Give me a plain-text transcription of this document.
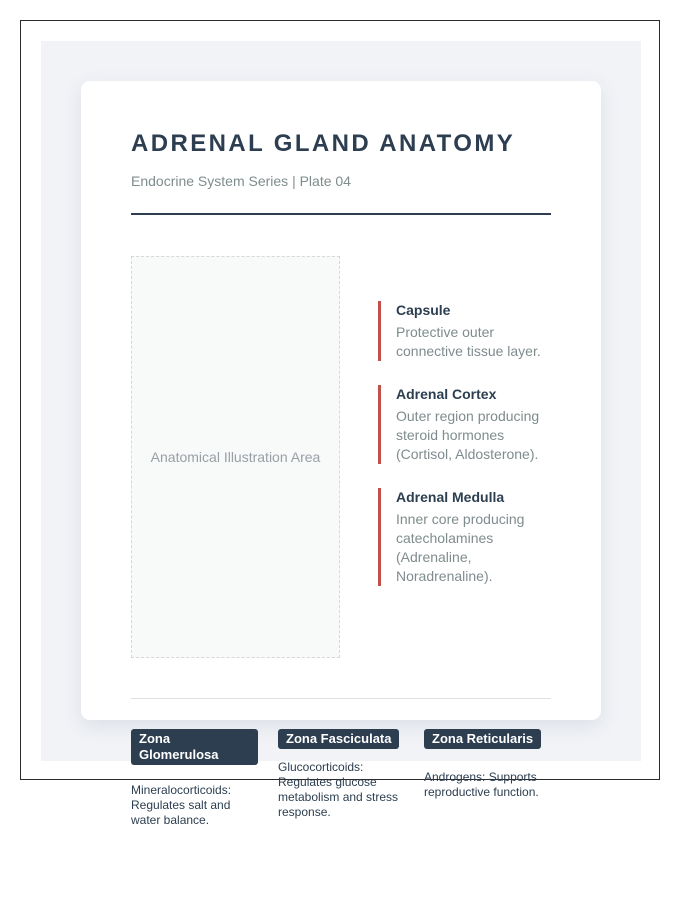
ADRENAL GLAND ANATOMY
Endocrine System Series | Plate 04
Anatomical Illustration Area
Capsule
Protective outer connective tissue layer.
Adrenal Cortex
Outer region producing steroid hormones (Cortisol, Aldosterone).
Adrenal Medulla
Inner core producing catecholamines (Adrenaline, Noradrenaline).
Zona Glomerulosa
Mineralocorticoids: Regulates salt and water balance.
Zona Fasciculata
Glucocorticoids: Regulates glucose metabolism and stress response.
Zona Reticularis
Androgens: Supports reproductive function.
